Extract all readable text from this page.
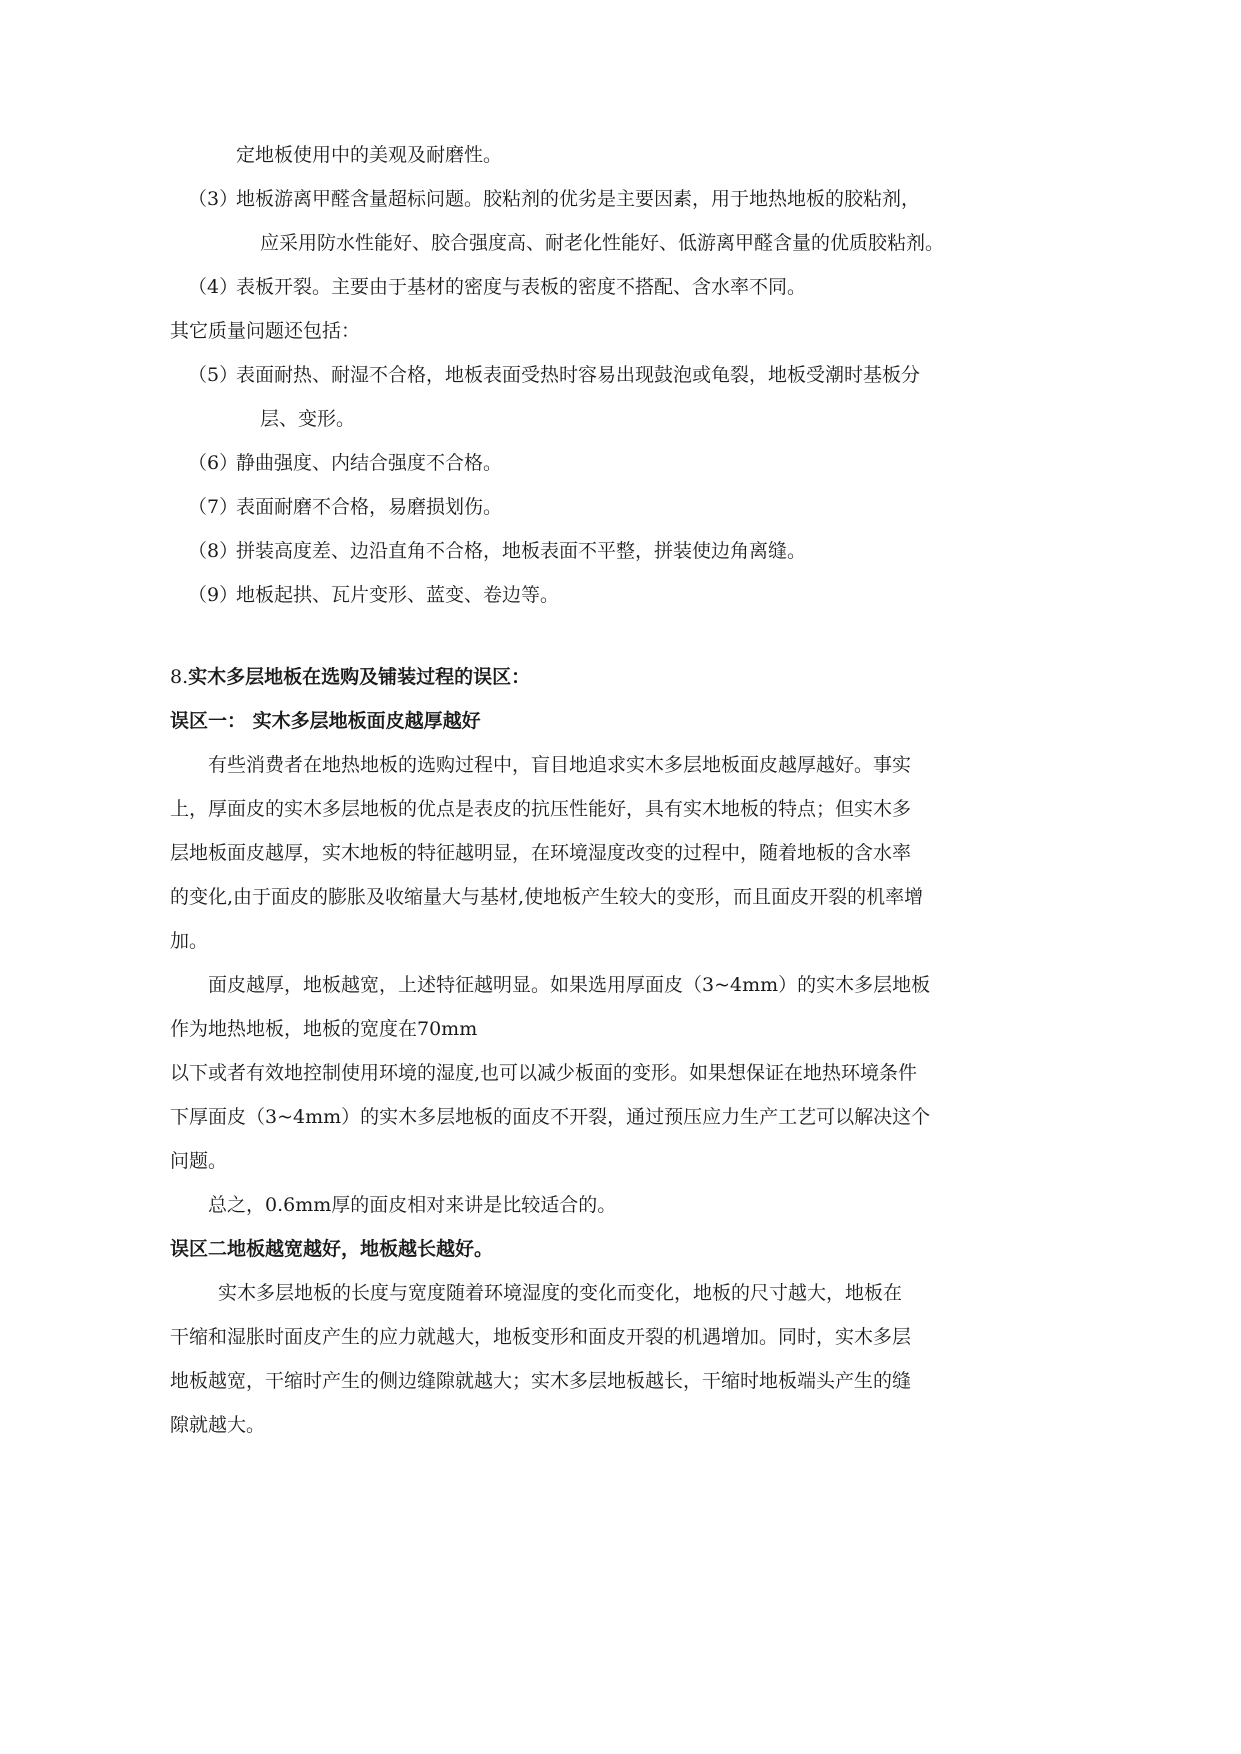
定地板使用中的美观及耐磨性。
（3）
地板游离甲醛含量超标问题。胶粘剂的优劣是主要因素，用于地热地板的胶粘剂，
应采用防水性能好、胶合强度高、耐老化性能好、低游离甲醛含量的优质胶粘剂。
（4）
表板开裂。主要由于基材的密度与表板的密度不搭配、含水率不同。
其它质量问题还包括：
（5）
表面耐热、耐湿不合格，地板表面受热时容易出现鼓泡或龟裂，地板受潮时基板分
层、变形。
（6）
静曲强度、内结合强度不合格。
（7）
表面耐磨不合格，易磨损划伤。
（8）
拼装高度差、边沿直角不合格，地板表面不平整，拼装使边角离缝。
（9）
地板起拱、瓦片变形、蓝变、卷边等。
8.实木多层地板在选购及铺装过程的误区：
误区一： 实木多层地板面皮越厚越好
有些消费者在地热地板的选购过程中，盲目地追求实木多层地板面皮越厚越好。事实
上，厚面皮的实木多层地板的优点是表皮的抗压性能好，具有实木地板的特点；但实木多
层地板面皮越厚，实木地板的特征越明显，在环境湿度改变的过程中，随着地板的含水率
的变化,由于面皮的膨胀及收缩量大与基材,使地板产生较大的变形，而且面皮开裂的机率增
加。
面皮越厚，地板越宽，上述特征越明显。如果选用厚面皮（3~4mm）的实木多层地板
作为地热地板，地板的宽度在70mm
以下或者有效地控制使用环境的湿度,也可以减少板面的变形。如果想保证在地热环境条件
下厚面皮（3~4mm）的实木多层地板的面皮不开裂，通过预压应力生产工艺可以解决这个
问题。
总之，0.6mm厚的面皮相对来讲是比较适合的。
误区二地板越宽越好，地板越长越好。
实木多层地板的长度与宽度随着环境湿度的变化而变化，地板的尺寸越大，地板在
干缩和湿胀时面皮产生的应力就越大，地板变形和面皮开裂的机遇增加。同时，实木多层
地板越宽，干缩时产生的侧边缝隙就越大；实木多层地板越长，干缩时地板端头产生的缝
隙就越大。
